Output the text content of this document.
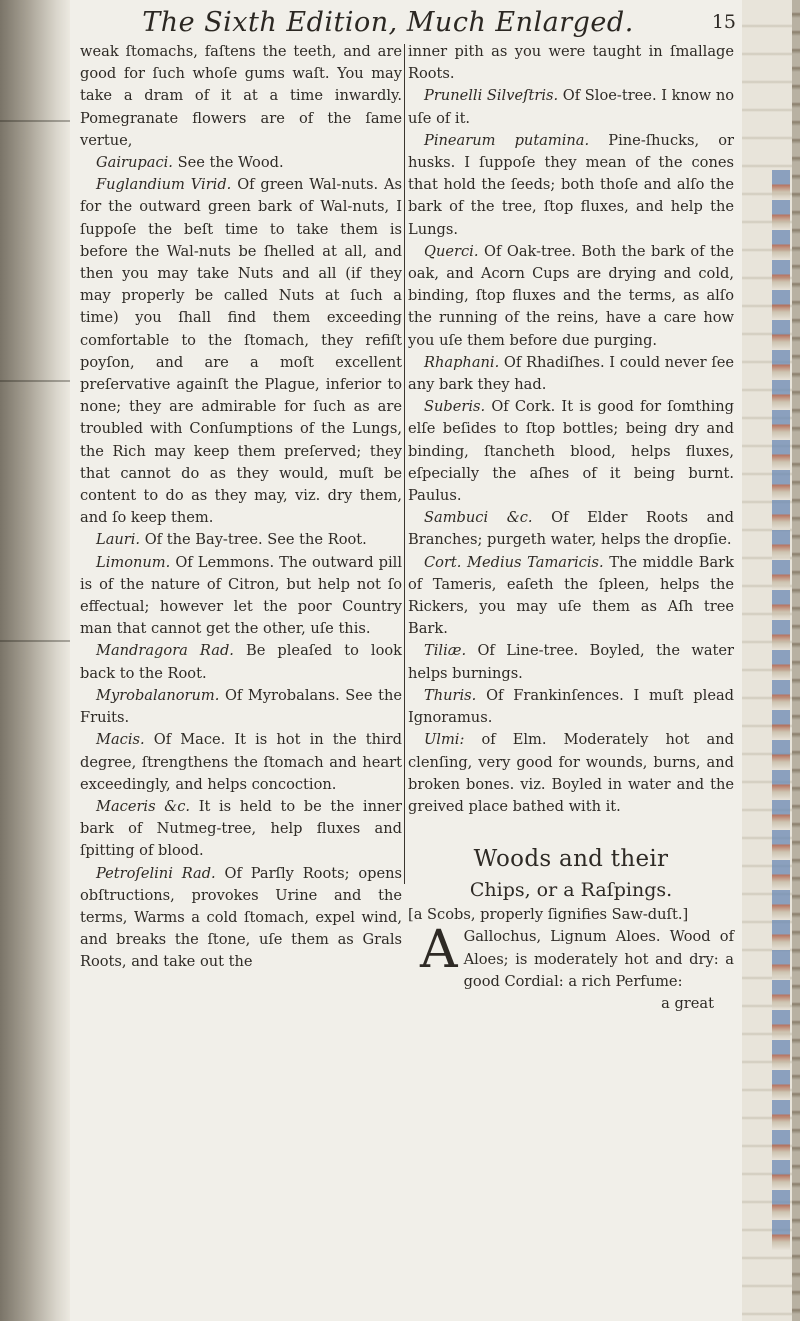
The Sixth Edition, Much Enlarged.	15

weak ſtomachs, faſtens the teeth, and are good for ſuch whoſe gums waſt. You may take a dram of it at a time inwardly. Pomegranate flowers are of the ſame vertue,

Gairupaci. See the Wood.

Fuglandium Virid. Of green Wal-nuts. As for the outward green bark of Wal-nuts, I ſuppoſe the beſt time to take them is before the Wal-nuts be ſhelled at all, and then you may take Nuts and all (if they may properly be called Nuts at ſuch a time) you ſhall find them exceeding comfortable to the ſtomach, they refiſt poyſon, and are a moſt excellent preſervative againſt the Plague, inferior to none; they are admirable for ſuch as are troubled with Conſumptions of the Lungs, the Rich may keep them preſerved; they that cannot do as they would, muſt be content to do as they may, viz. dry them, and ſo keep them.

Lauri. Of the Bay-tree. See the Root.

Limonum. Of Lemmons. The outward pill is of the nature of Citron, but help not ſo effectual; however let the poor Country man that cannot get the other, uſe this.

Mandragora Rad. Be pleaſed to look back to the Root.

Myrobalanorum. Of Myrobalans. See the Fruits.

Macis. Of Mace. It is hot in the third degree, ſtrengthens the ſtomach and heart exceedingly, and helps concoction.

Maceris &c. It is held to be the inner bark of Nutmeg-tree, help fluxes and ſpitting of blood.

Petroſelini Rad. Of Parſly Roots; opens obſtructions, provokes Urine and the terms, Warms a cold ſtomach, expel wind, and breaks the ſtone, uſe them as Grals Roots, and take out the

inner pith as you were taught in ſmallage Roots.

Prunelli Silveſtris. Of Sloe-tree. I know no uſe of it.

Pinearum putamina. Pine-ſhucks, or husks. I ſuppoſe they mean of the cones that hold the ſeeds; both thoſe and alſo the bark of the tree, ſtop fluxes, and help the Lungs.

Querci. Of Oak-tree. Both the bark of the oak, and Acorn Cups are drying and cold, binding, ſtop fluxes and the terms, as alſo the running of the reins, have a care how you uſe them before due purging.

Rhaphani. Of Rhadiſhes. I could never ſee any bark they had.

Suberis. Of Cork. It is good for ſomthing elſe beſides to ſtop bottles; being dry and binding, ſtancheth blood, helps fluxes, eſpecially the aſhes of it being burnt. Paulus.

Sambuci &c. Of Elder Roots and Branches; purgeth water, helps the dropſie.

Cort. Medius Tamaricis. The middle Bark of Tameris, eaſeth the ſpleen, helps the Rickers, you may uſe them as Aſh tree Bark.

Tiliæ. Of Line-tree. Boyled, the water helps burnings.

Thuris. Of Frankinſences. I muſt plead Ignoramus.

Ulmi: of Elm. Moderately hot and clenſing, very good for wounds, burns, and broken bones. viz. Boyled in water and the greived place bathed with it.

Woods and their
Chips, or a Raſpings.
[a Scobs, properly ſignifies Saw-duſt.]
A Gallochus, Lignum Aloes. Wood of Aloes; is moderately hot and dry: a good Cordial: a rich Perfume:
a great
